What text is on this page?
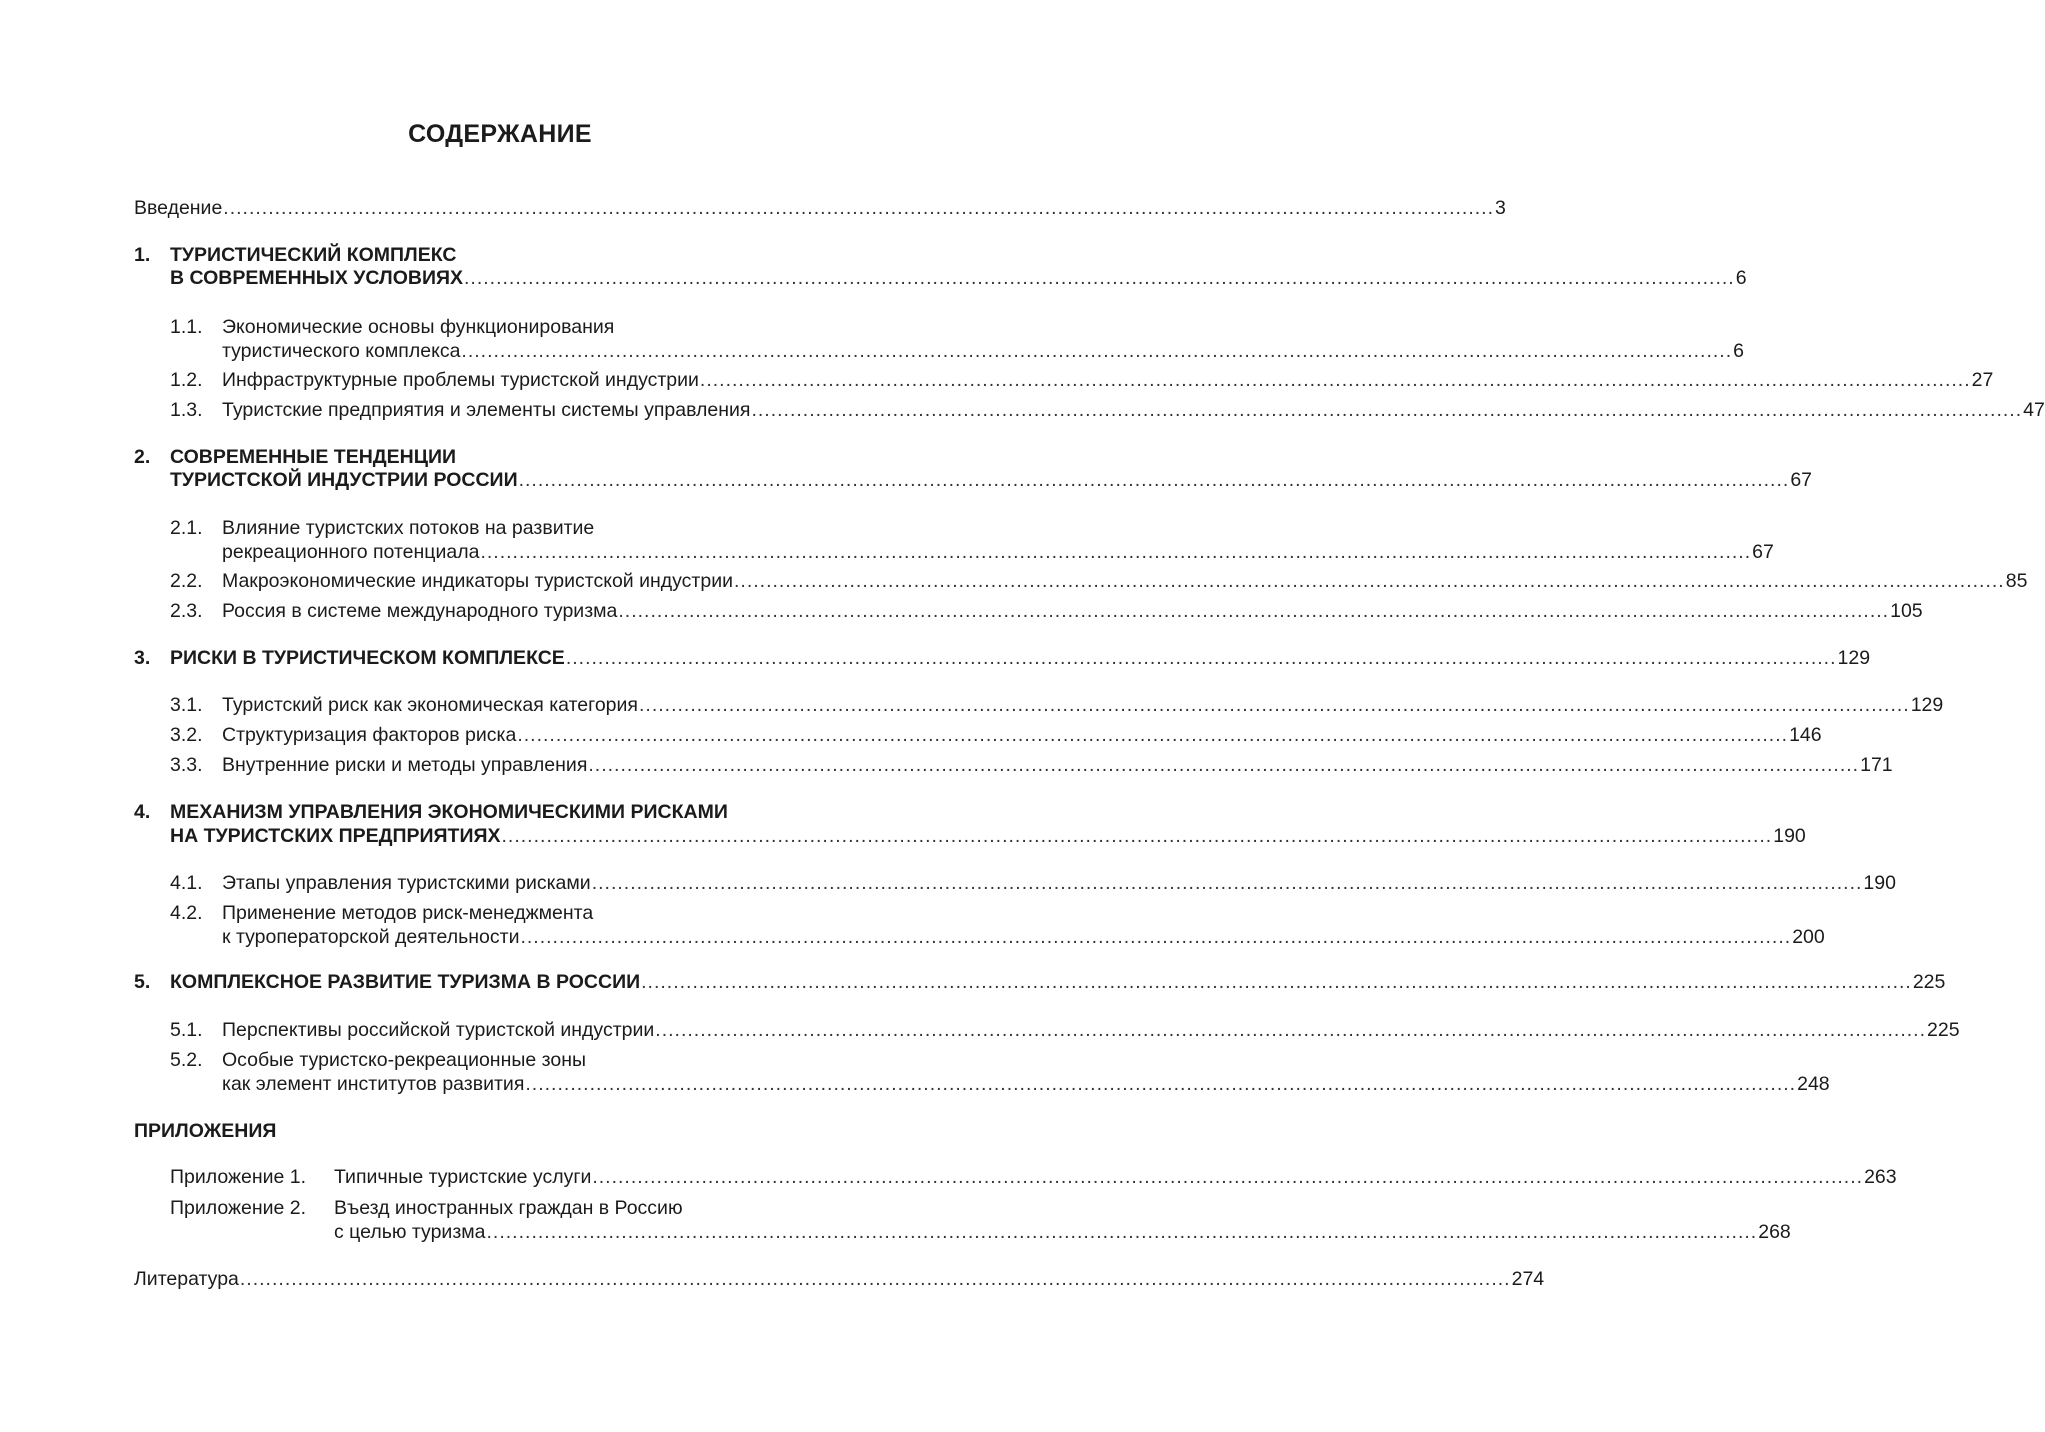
СОДЕРЖАНИЕ
Введение ...................................................................................................................................................................................................... 3
1. ТУРИСТИЧЕСКИЙ КОМПЛЕКС
В СОВРЕМЕННЫХ УСЛОВИЯХ ...................................................................................................................................................................................................... 6
1.1. Экономические основы функционирования
туристического комплекса ...................................................................................................................................................................................................... 6
1.2. Инфраструктурные проблемы туристской индустрии ...................................................................................................................................................................................................... 27
1.3. Туристские предприятия и элементы системы управления ...................................................................................................................................................................................................... 47
2. СОВРЕМЕННЫЕ ТЕНДЕНЦИИ
ТУРИСТСКОЙ ИНДУСТРИИ РОССИИ ...................................................................................................................................................................................................... 67
2.1. Влияние туристских потоков на развитие
рекреационного потенциала ...................................................................................................................................................................................................... 67
2.2. Макроэкономические индикаторы туристской индустрии ...................................................................................................................................................................................................... 85
2.3. Россия в системе международного туризма ...................................................................................................................................................................................................... 105
3. РИСКИ В ТУРИСТИЧЕСКОМ КОМПЛЕКСЕ ...................................................................................................................................................................................................... 129
3.1. Туристский риск как экономическая категория ...................................................................................................................................................................................................... 129
3.2. Структуризация факторов риска ...................................................................................................................................................................................................... 146
3.3. Внутренние риски и методы управления ...................................................................................................................................................................................................... 171
4. МЕХАНИЗМ УПРАВЛЕНИЯ ЭКОНОМИЧЕСКИМИ РИСКАМИ
НА ТУРИСТСКИХ ПРЕДПРИЯТИЯХ ...................................................................................................................................................................................................... 190
4.1. Этапы управления туристскими рисками ...................................................................................................................................................................................................... 190
4.2. Применение методов риск-менеджмента
к туроператорской деятельности ...................................................................................................................................................................................................... 200
5. КОМПЛЕКСНОЕ РАЗВИТИЕ ТУРИЗМА В РОССИИ ...................................................................................................................................................................................................... 225
5.1. Перспективы российской туристской индустрии ...................................................................................................................................................................................................... 225
5.2. Особые туристско-рекреационные зоны
как элемент институтов развития ...................................................................................................................................................................................................... 248
ПРИЛОЖЕНИЯ
Приложение 1. Типичные туристские услуги ...................................................................................................................................................................................................... 263
Приложение 2. Въезд иностранных граждан в Россию
с целью туризма ...................................................................................................................................................................................................... 268
Литература ...................................................................................................................................................................................................... 274
